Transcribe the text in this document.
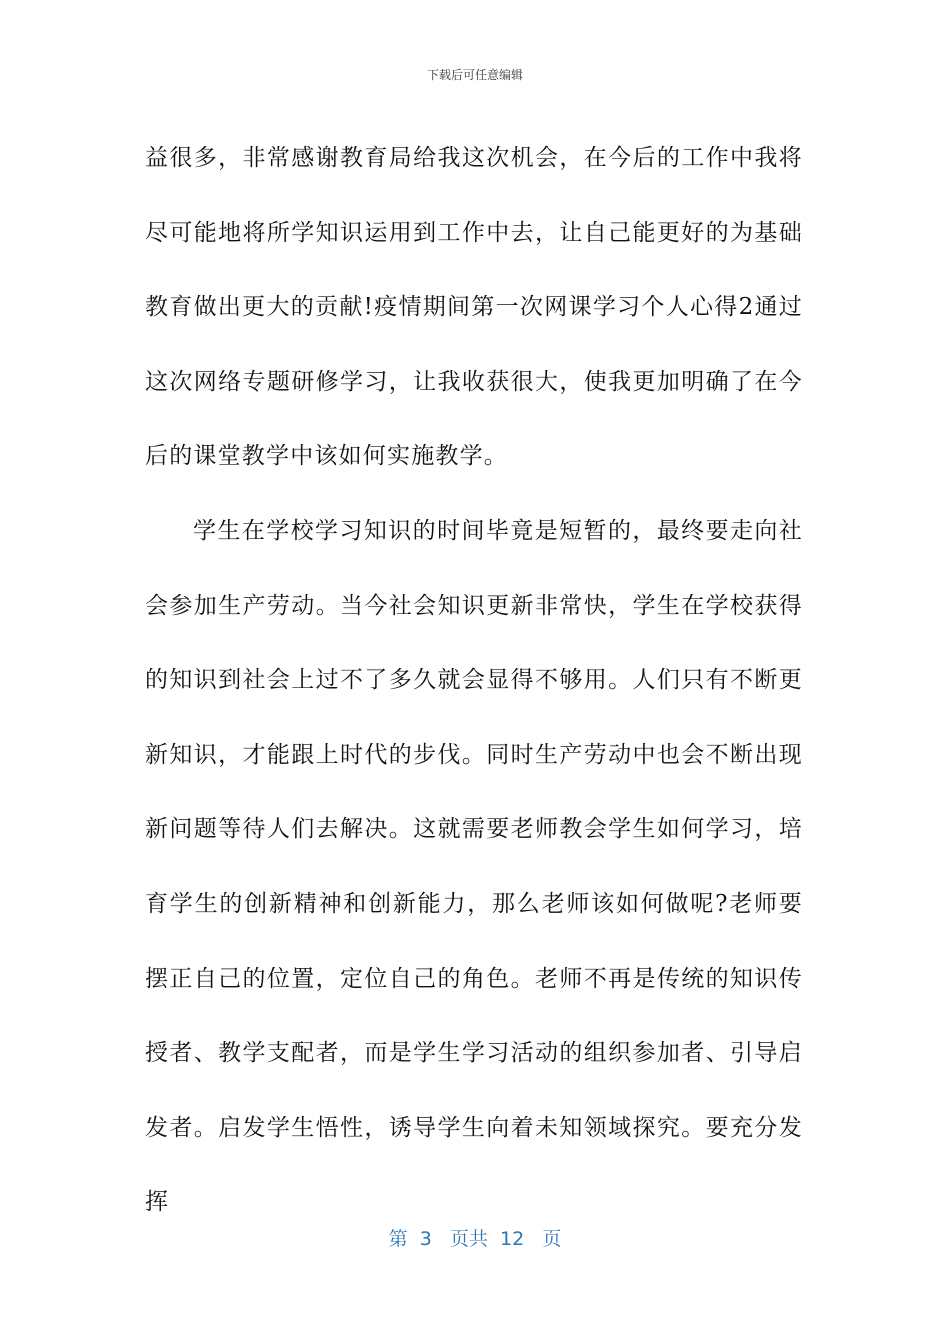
下载后可任意编辑

益很多，非常感谢教育局给我这次机会，在今后的工作中我将尽可能地将所学知识运用到工作中去，让自己能更好的为基础教育做出更大的贡献!疫情期间第一次网课学习个人心得2通过这次网络专题研修学习，让我收获很大，使我更加明确了在今后的课堂教学中该如何实施教学。

学生在学校学习知识的时间毕竟是短暂的，最终要走向社会参加生产劳动。当今社会知识更新非常快，学生在学校获得的知识到社会上过不了多久就会显得不够用。人们只有不断更新知识，才能跟上时代的步伐。同时生产劳动中也会不断出现新问题等待人们去解决。这就需要老师教会学生如何学习，培育学生的创新精神和创新能力，那么老师该如何做呢?老师要摆正自己的位置，定位自己的角色。老师不再是传统的知识传授者、教学支配者，而是学生学习活动的组织参加者、引导启发者。启发学生悟性，诱导学生向着未知领域探究。要充分发挥

第  3   页共  12   页
